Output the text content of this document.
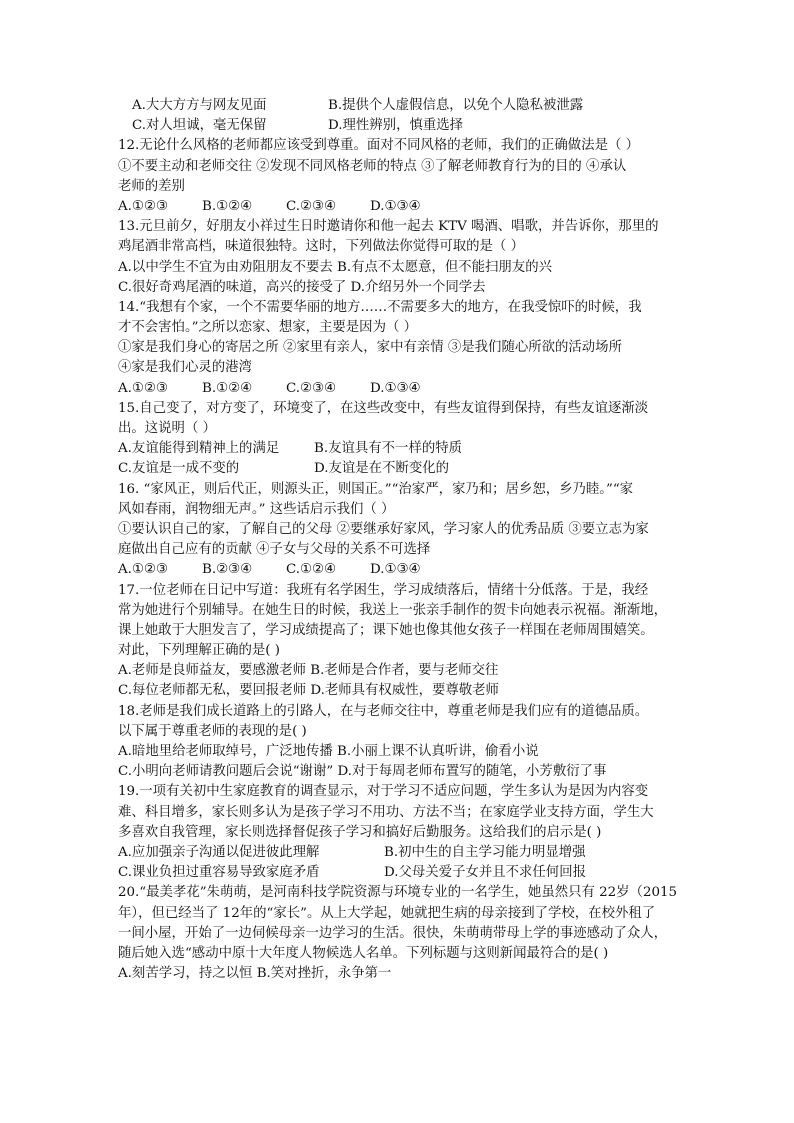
A.大大方方与网友见面	B.提供个人虚假信息，以免个人隐私被泄露
C.对人坦诚，毫无保留	D.理性辨别，慎重选择
12.无论什么风格的老师都应该受到尊重。面对不同风格的老师，我们的正确做法是（ ）
①不要主动和老师交往 ②发现不同风格老师的特点 ③了解老师教育行为的目的 ④承认
老师的差别
A.①②③	B.①②④	C.②③④	D.①③④
13.元旦前夕，好朋友小祥过生日时邀请你和他一起去 KTV 喝酒、唱歌，并告诉你，那里的
鸡尾酒非常高档，味道很独特。这时，下列做法你觉得可取的是（ ）
A.以中学生不宜为由劝阻朋友不要去 B.有点不太愿意，但不能扫朋友的兴
C.很好奇鸡尾酒的味道，高兴的接受了 D.介绍另外一个同学去
14.“我想有个家，一个不需要华丽的地方……不需要多大的地方，在我受惊吓的时候，我
才不会害怕。”之所以恋家、想家，主要是因为（ ）
①家是我们身心的寄居之所 ②家里有亲人，家中有亲情 ③是我们随心所欲的活动场所
④家是我们心灵的港湾
A.①②③	B.①②④	C.②③④	D.①③④
15.自己变了，对方变了，环境变了，在这些改变中，有些友谊得到保持，有些友谊逐渐淡
出。这说明（ ）
A.友谊能得到精神上的满足	B.友谊具有不一样的特质
C.友谊是一成不变的	D.友谊是在不断变化的
16. “家风正，则后代正，则源头正，则国正。”“治家严，家乃和；居乡恕，乡乃睦。”“家
风如春雨，润物细无声。” 这些话启示我们（ ）
①要认识自己的家，了解自己的父母 ②要继承好家风，学习家人的优秀品质 ③要立志为家
庭做出自己应有的贡献 ④子女与父母的关系不可选择
A.①②③	B.②③④	C.①②④	D.①③④
17.一位老师在日记中写道：我班有名学困生，学习成绩落后，情绪十分低落。于是，我经
常为她进行个别辅导。在她生日的时候，我送上一张亲手制作的贺卡向她表示祝福。渐渐地，
课上她敢于大胆发言了，学习成绩提高了；课下她也像其他女孩子一样围在老师周围嬉笑。
对此，下列理解正确的是( )
A.老师是良师益友，要感激老师 B.老师是合作者，要与老师交往
C.每位老师都无私，要回报老师 D.老师具有权威性，要尊敬老师
18.老师是我们成长道路上的引路人，在与老师交往中，尊重老师是我们应有的道德品质。
以下属于尊重老师的表现的是( )
A.暗地里给老师取绰号，广泛地传播 B.小丽上课不认真听讲，偷看小说
C.小明向老师请教问题后会说“谢谢” D.对于每周老师布置写的随笔，小芳敷衍了事
19.一项有关初中生家庭教育的调查显示，对于学习不适应问题，学生多认为是因为内容变
难、科目增多，家长则多认为是孩子学习不用功、方法不当；在家庭学业支持方面，学生大
多喜欢自我管理，家长则选择督促孩子学习和搞好后勤服务。这给我们的启示是( )
A.应加强亲子沟通以促进彼此理解	B.初中生的自主学习能力明显增强
C.课业负担过重容易导致家庭矛盾	D.父母关爱子女并且不求任何回报
20.“最美孝花”朱萌萌，是河南科技学院资源与环境专业的一名学生，她虽然只有 22岁（2015
年），但已经当了 12年的“家长”。从上大学起，她就把生病的母亲接到了学校，在校外租了
一间小屋，开始了一边伺候母亲一边学习的生活。很快，朱萌萌带母上学的事迹感动了众人，
随后她入选“感动中原十大年度人物候选人名单。下列标题与这则新闻最符合的是( )
A.刻苦学习，持之以恒 B.笑对挫折，永争第一
